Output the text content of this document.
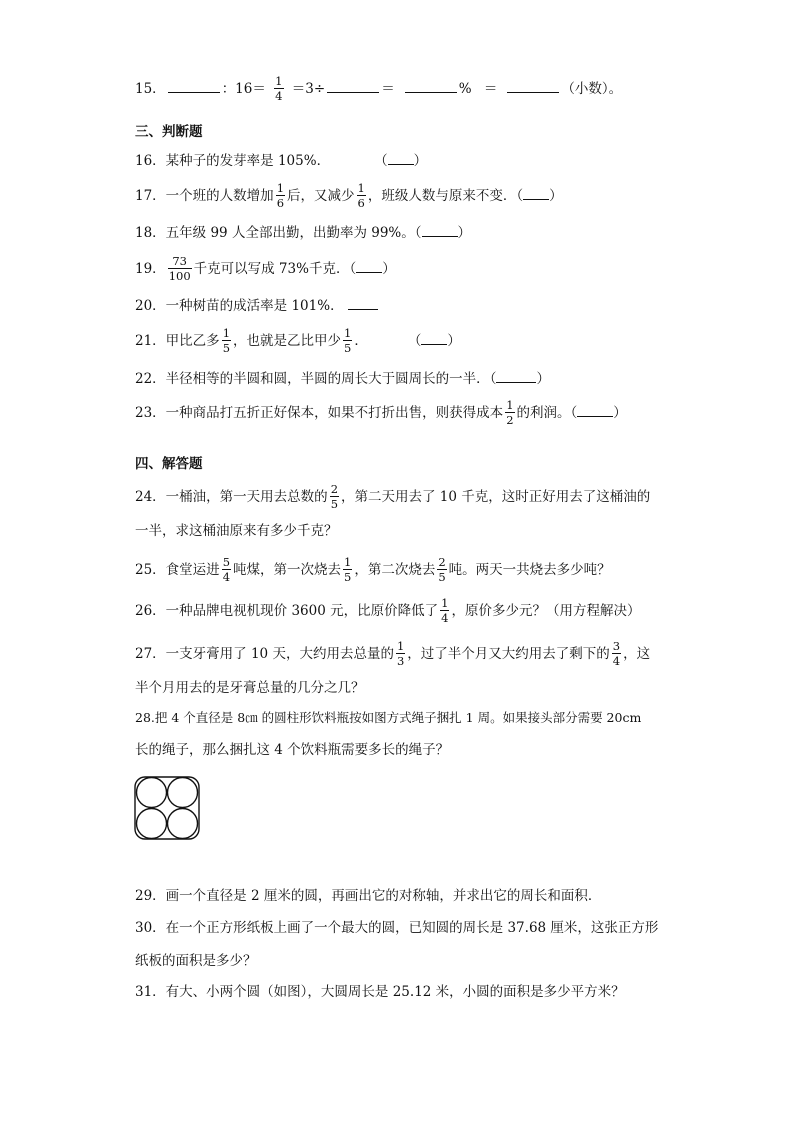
15．	：$16= \frac{1}{4} =3\div$	＝	% ＝	（小数）。
三、判断题
16．某种子的发芽率是 105%．	（ ）
17．一个班的人数增加 $\frac{1}{6}$ 后，又减少 $\frac{1}{6}$ ，班级人数与原来不变．（ ）
18．五年级 99 人全部出勤，出勤率为 99%。（	）
19． $\frac{73}{100}$ 千克可以写成 73%千克．（ ）
20．一种树苗的成活率是 101%．
21．甲比乙多 $\frac{1}{5}$ ，也就是乙比甲少 $\frac{1}{5}$ ．	（ ）
22．半径相等的半圆和圆，半圆的周长大于圆周长的一半．（	）
23．一种商品打五折正好保本，如果不打折出售，则获得成本 $\frac{1}{2}$ 的利润。（	）
四、解答题
24．一桶油，第一天用去总数的 $\frac{2}{5}$ ，第二天用去了 10 千克，这时正好用去了这桶油的
一半，求这桶油原来有多少千克？
25．食堂运进 $\frac{5}{4}$ 吨煤，第一次烧去 $\frac{1}{5}$ ，第二次烧去 $\frac{2}{5}$ 吨。两天一共烧去多少吨？
26．一种品牌电视机现价 3600 元，比原价降低了 $\frac{1}{4}$ ，原价多少元？（用方程解决）
27．一支牙膏用了 10 天，大约用去总量的 $\frac{1}{3}$ ，过了半个月又大约用去了剩下的 $\frac{3}{4}$ ，这
半个月用去的是牙膏总量的几分之几？
28.把 4 个直径是 8㎝ 的圆柱形饮料瓶按如图方式绳子捆扎 1 周。如果接头部分需要 20cm
长的绳子，那么捆扎这 4 个饮料瓶需要多长的绳子？
29．画一个直径是 2 厘米的圆，再画出它的对称轴，并求出它的周长和面积．
30．在一个正方形纸板上画了一个最大的圆，已知圆的周长是 37.68 厘米，这张正方形
纸板的面积是多少？
31．有大、小两个圆（如图），大圆周长是 25.12 米，小圆的面积是多少平方米？
